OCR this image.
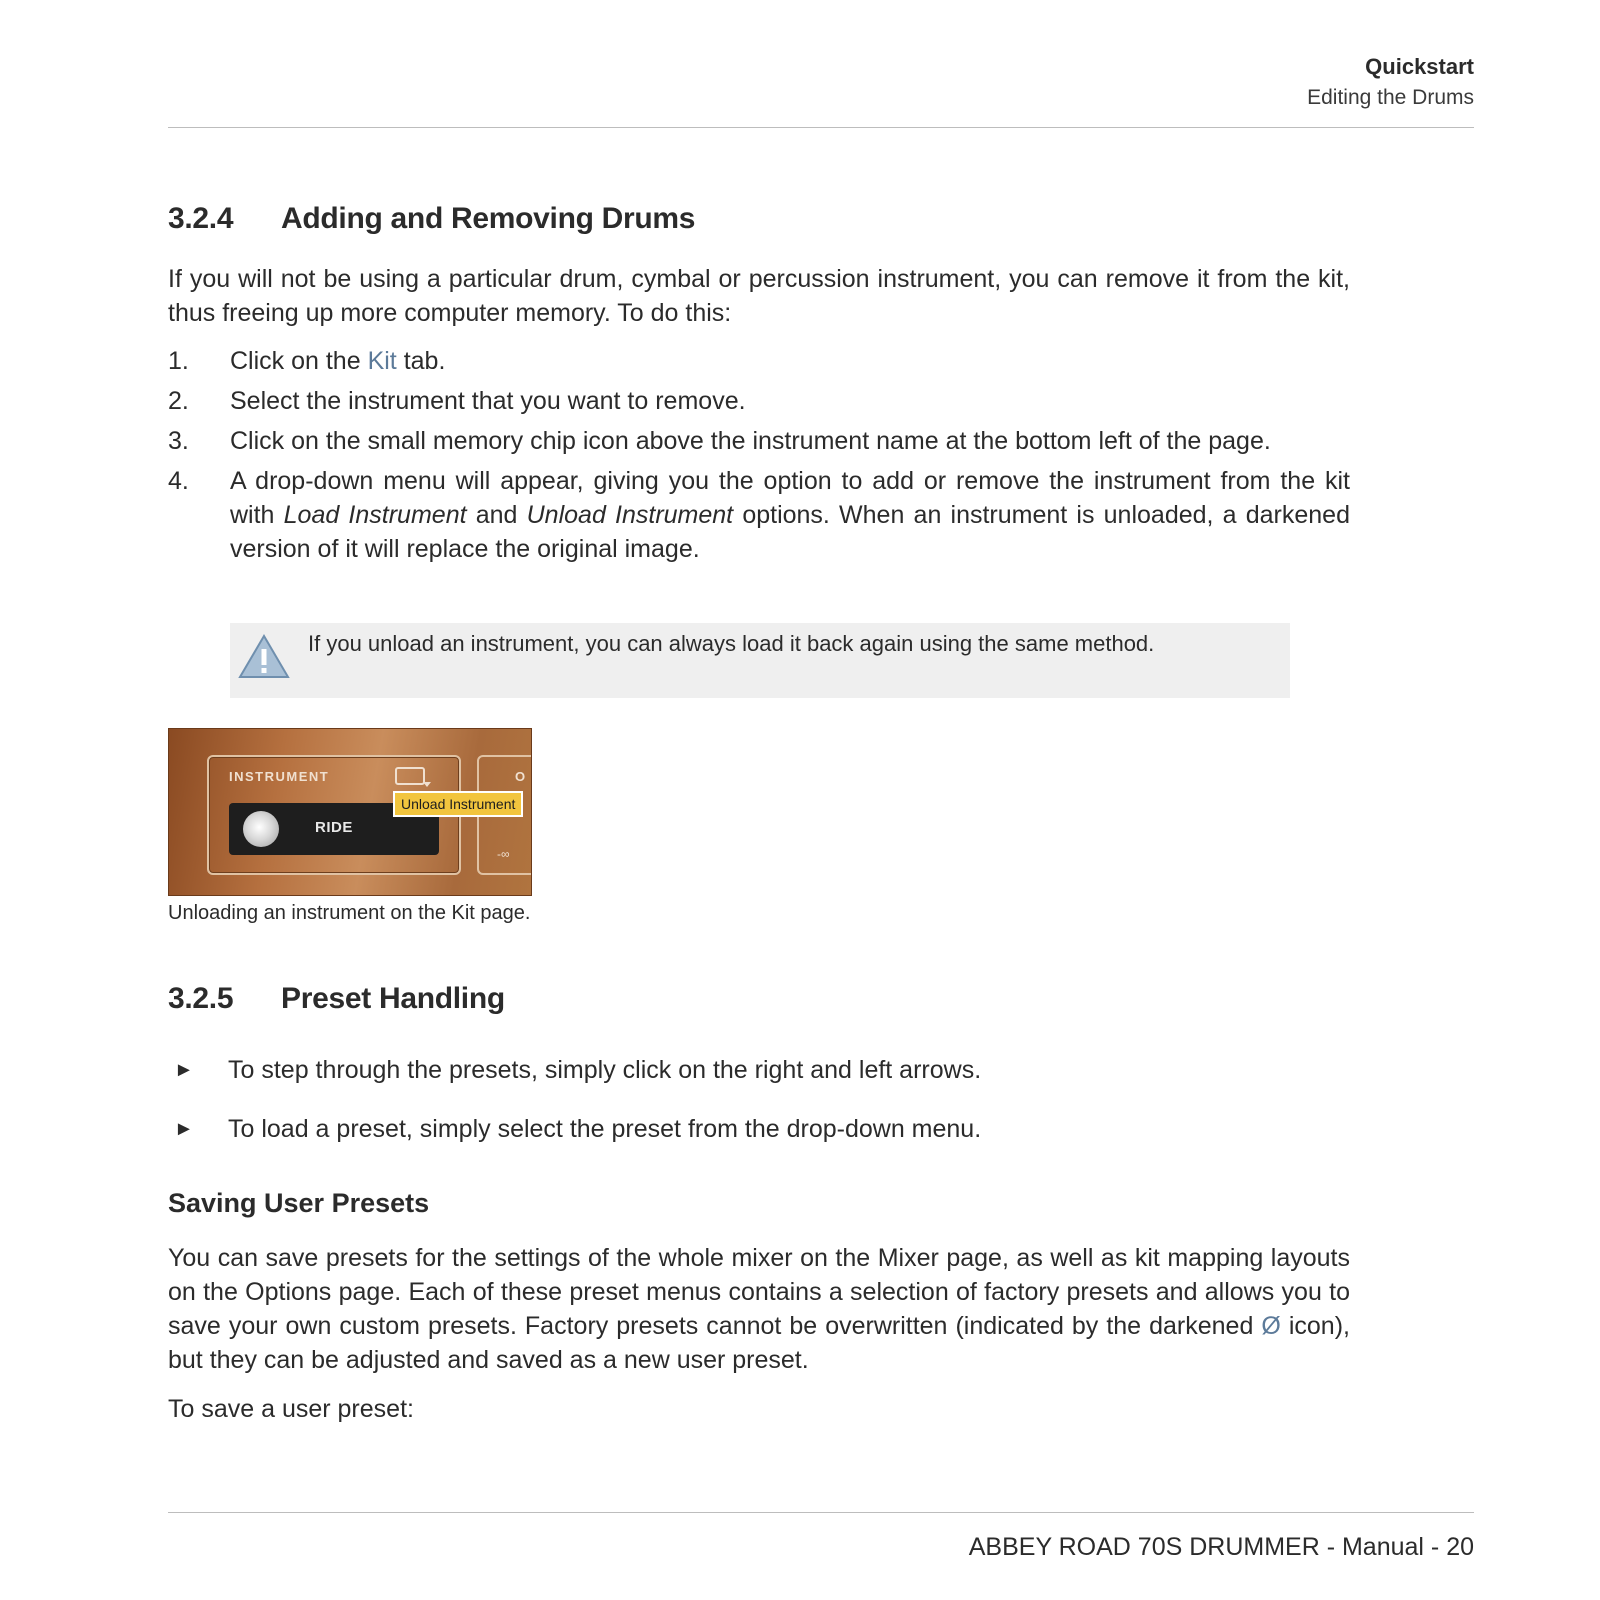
Quickstart
Editing the Drums
3.2.4 Adding and Removing Drums
If you will not be using a particular drum, cymbal or percussion instrument, you can remove it from the kit, thus freeing up more computer memory. To do this:
1. Click on the Kit tab.
2. Select the instrument that you want to remove.
3. Click on the small memory chip icon above the instrument name at the bottom left of the page.
4. A drop-down menu will appear, giving you the option to add or remove the instrument from the kit with Load Instrument and Unload Instrument options. When an instrument is unloaded, a darkened version of it will replace the original image.
If you unload an instrument, you can always load it back again using the same method.
INSTRUMENT
RIDE
O
-∞
Unload Instrument
Unloading an instrument on the Kit page.
3.2.5 Preset Handling
► To step through the presets, simply click on the right and left arrows.
► To load a preset, simply select the preset from the drop-down menu.
Saving User Presets
You can save presets for the settings of the whole mixer on the Mixer page, as well as kit mapping layouts on the Options page. Each of these preset menus contains a selection of factory presets and allows you to save your own custom presets. Factory presets cannot be overwritten (indicated by the darkened Ø icon), but they can be adjusted and saved as a new user preset.
To save a user preset:
ABBEY ROAD 70S DRUMMER - Manual - 20
